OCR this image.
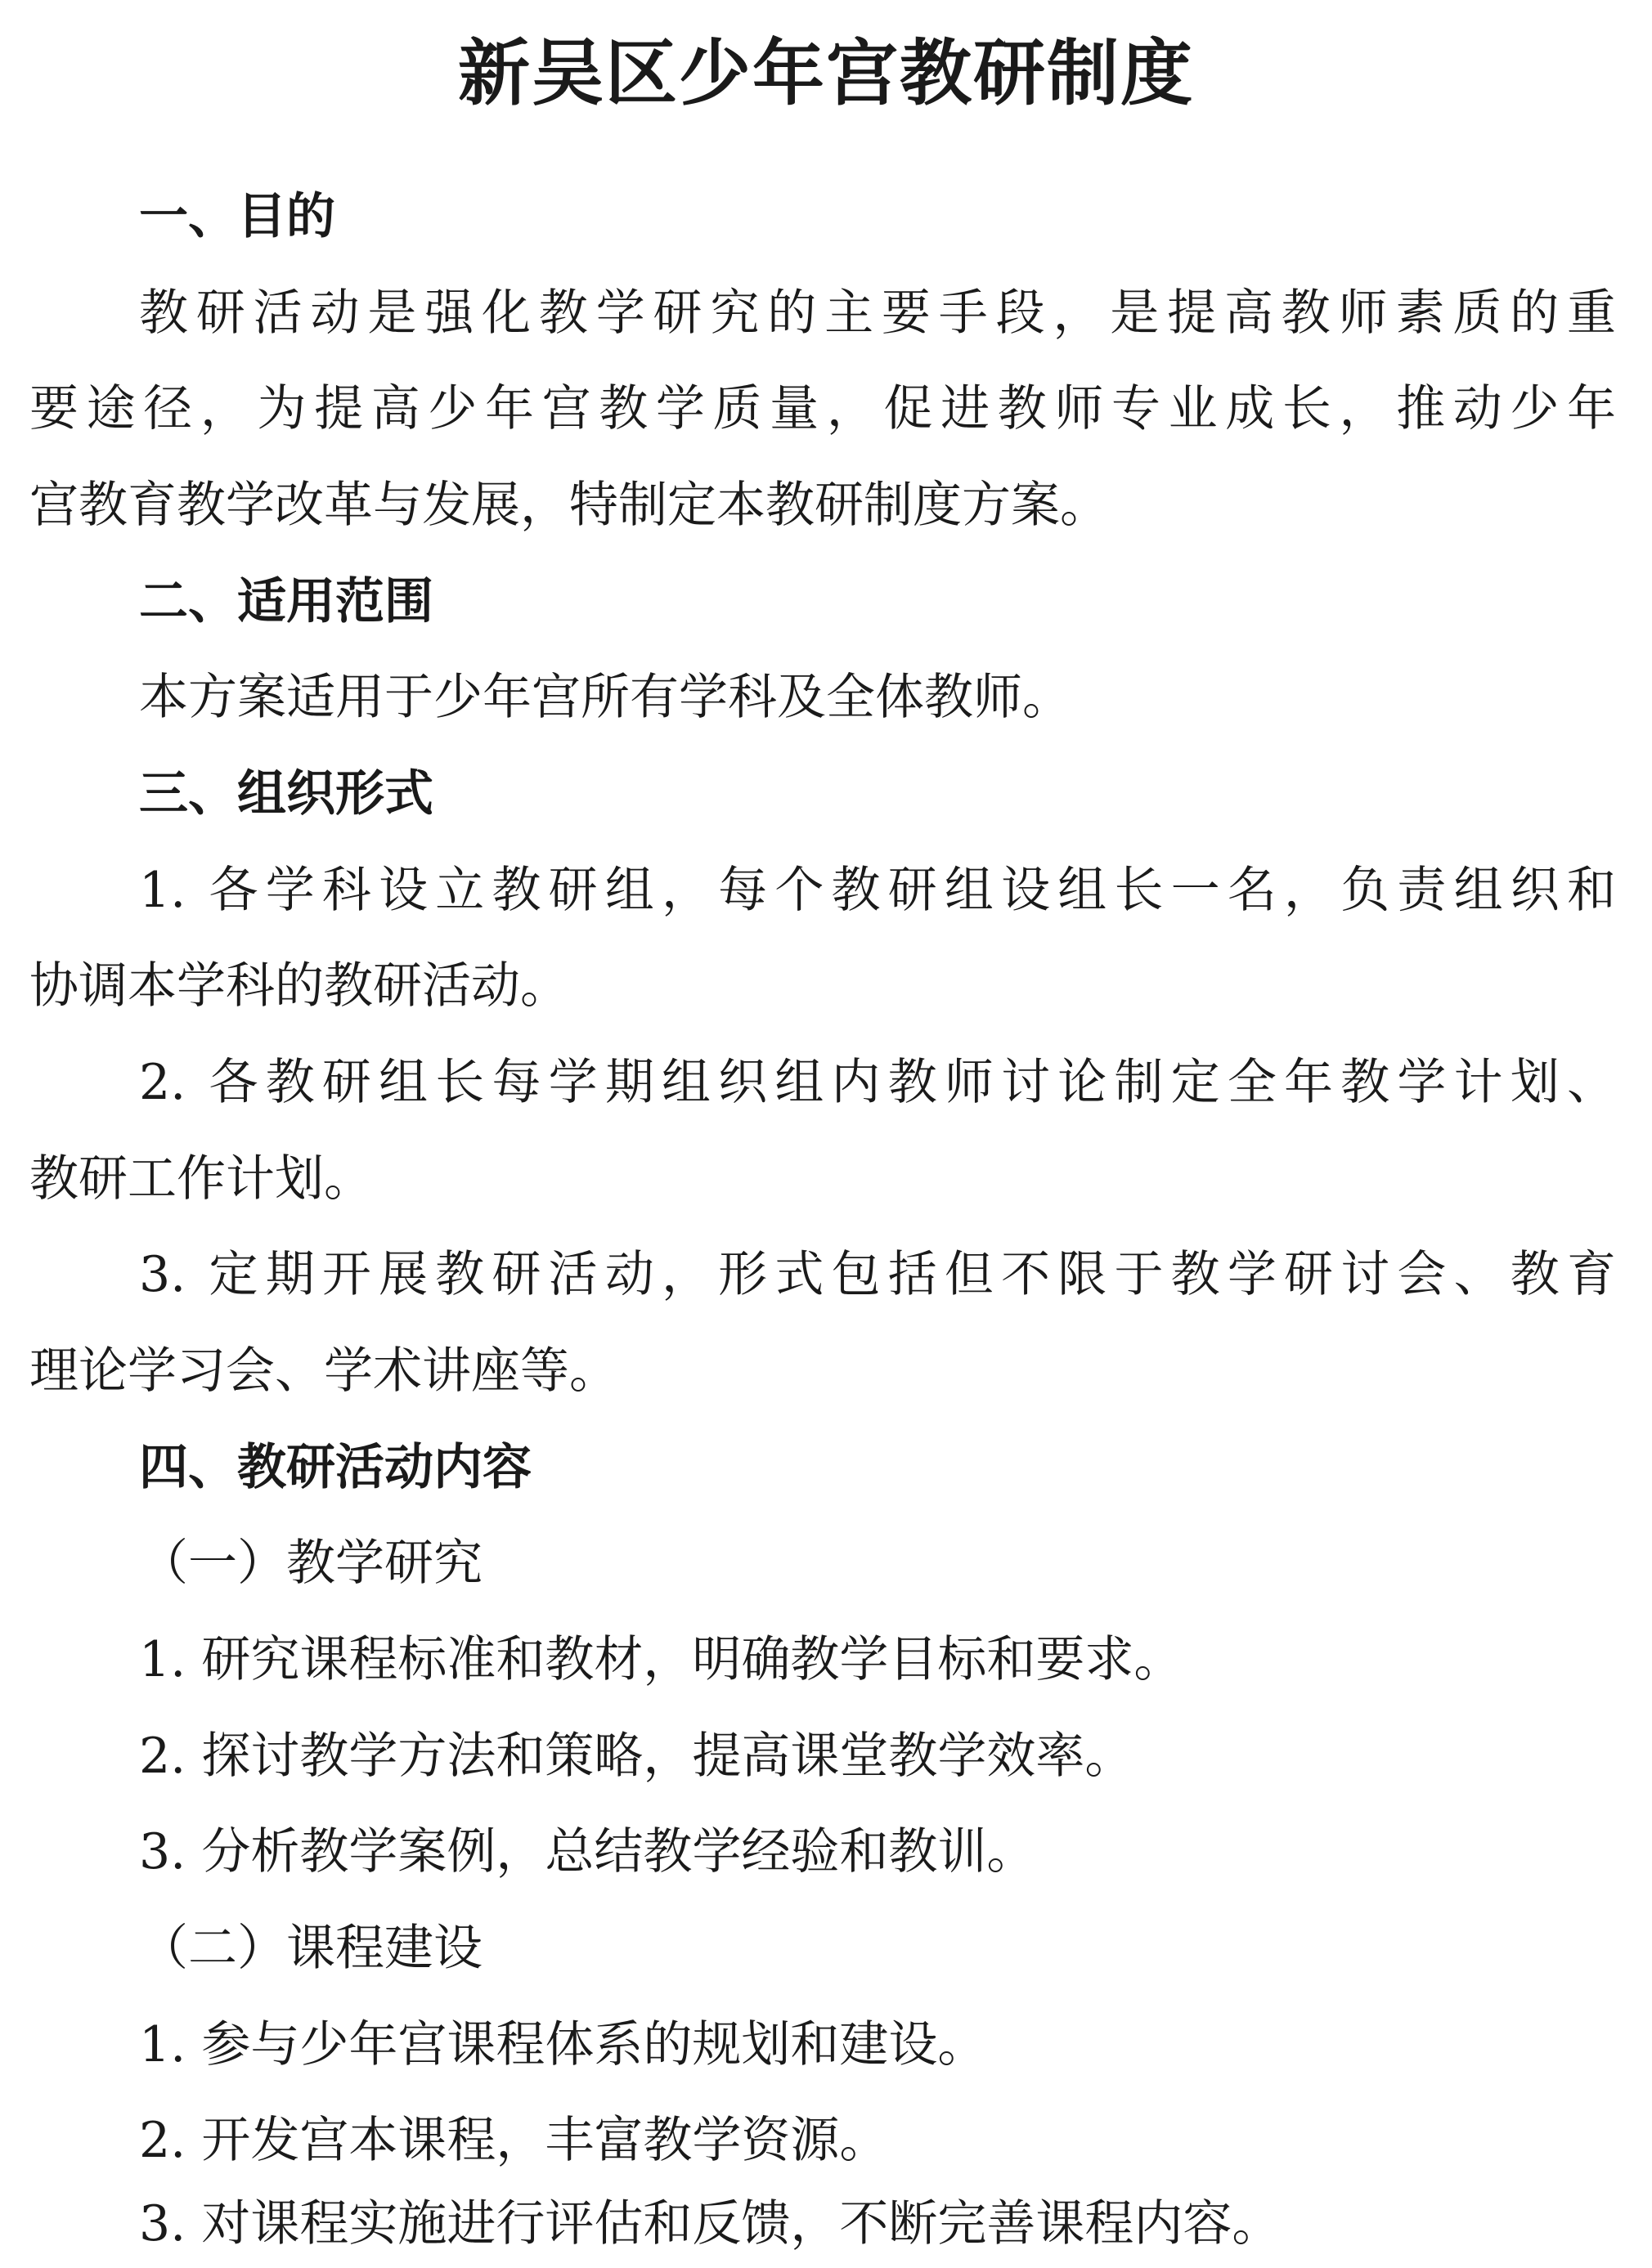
新吴区少年宫教研制度
一、目的
教研活动是强化教学研究的主要手段，是提高教师素质的重
要途径，为提高少年宫教学质量，促进教师专业成长，推动少年
宫教育教学改革与发展，特制定本教研制度方案。
二、适用范围
本方案适用于少年宫所有学科及全体教师。
三、组织形式
1. 各学科设立教研组，每个教研组设组长一名，负责组织和
协调本学科的教研活动。
2. 各教研组长每学期组织组内教师讨论制定全年教学计划、
教研工作计划。
3. 定期开展教研活动，形式包括但不限于教学研讨会、教育
理论学习会、学术讲座等。
四、教研活动内容
（一）教学研究
1. 研究课程标准和教材，明确教学目标和要求。
2. 探讨教学方法和策略，提高课堂教学效率。
3. 分析教学案例，总结教学经验和教训。
（二）课程建设
1. 参与少年宫课程体系的规划和建设。
2. 开发宫本课程，丰富教学资源。
3. 对课程实施进行评估和反馈，不断完善课程内容。
